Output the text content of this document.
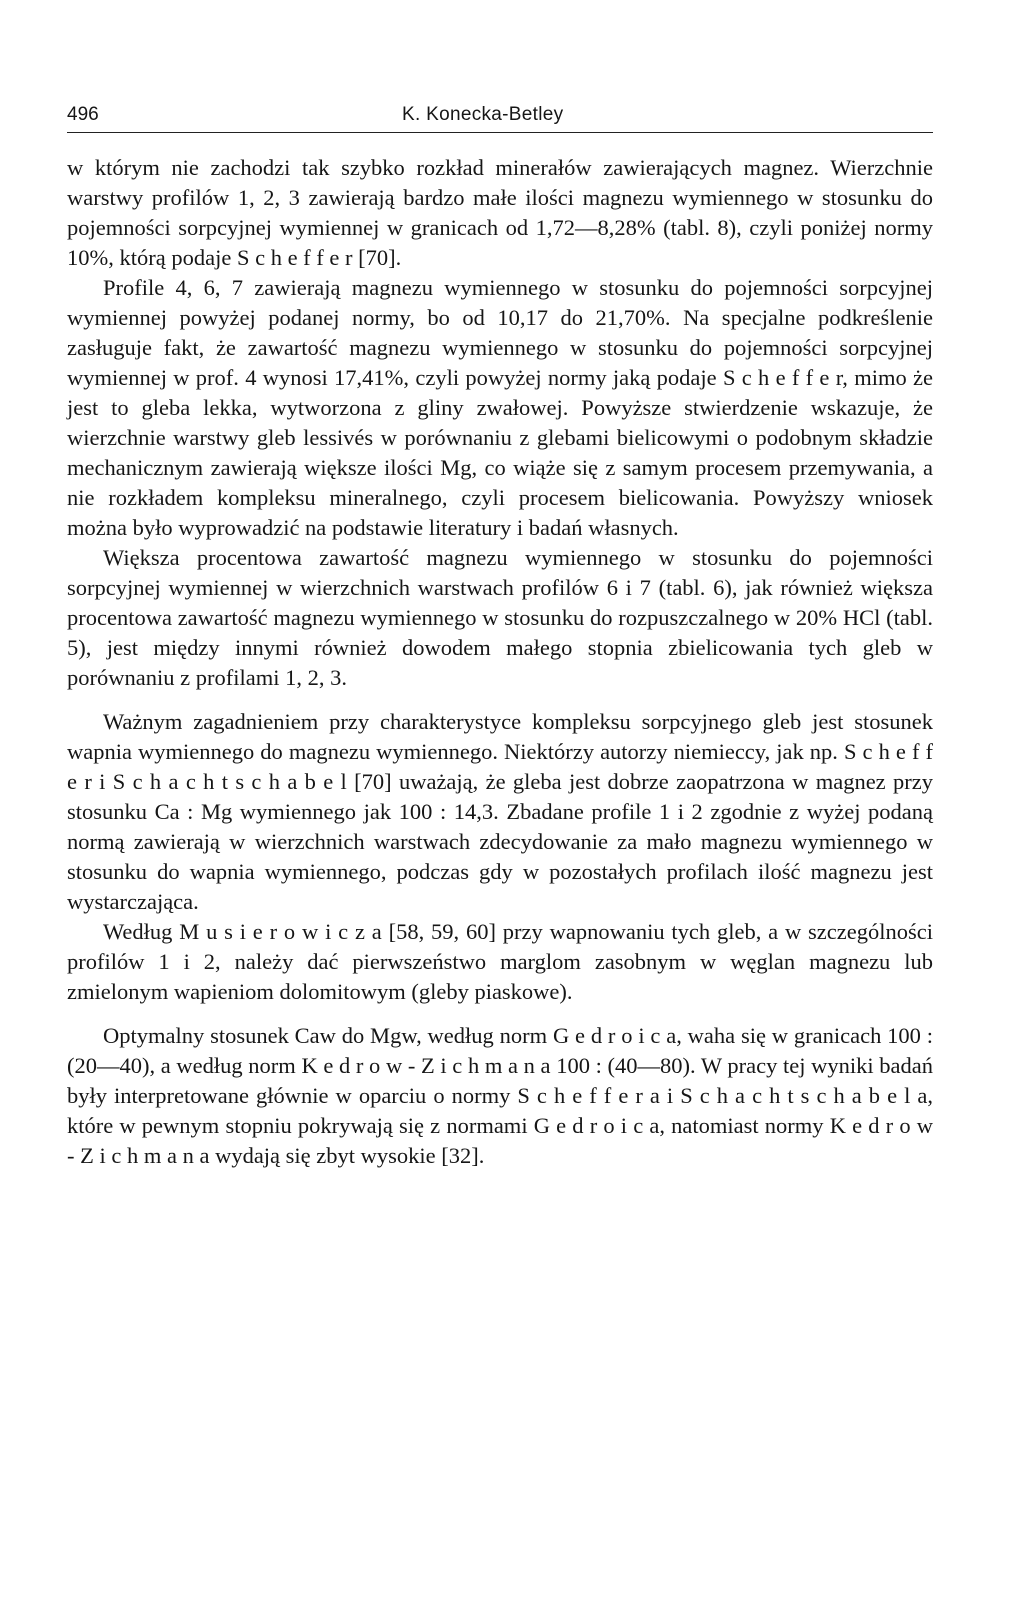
496	K. Konecka-Betley

w którym nie zachodzi tak szybko rozkład minerałów zawierających magnez. Wierzchnie warstwy profilów 1, 2, 3 zawierają bardzo małe ilości magnezu wymiennego w stosunku do pojemności sorpcyjnej wymiennej w granicach od 1,72—8,28% (tabl. 8), czyli poniżej normy 10%, którą podaje S c h e f f e r [70].

Profile 4, 6, 7 zawierają magnezu wymiennego w stosunku do pojemności sorpcyjnej wymiennej powyżej podanej normy, bo od 10,17 do 21,70%. Na specjalne podkreślenie zasługuje fakt, że zawartość magnezu wymiennego w stosunku do pojemności sorpcyjnej wymiennej w prof. 4 wynosi 17,41%, czyli powyżej normy jaką podaje S c h e f f e r, mimo że jest to gleba lekka, wytworzona z gliny zwałowej. Powyższe stwierdzenie wskazuje, że wierzchnie warstwy gleb lessivés w porównaniu z glebami bielicowymi o podobnym składzie mechanicznym zawierają większe ilości Mg, co wiąże się z samym procesem przemywania, a nie rozkładem kompleksu mineralnego, czyli procesem bielicowania. Powyższy wniosek można było wyprowadzić na podstawie literatury i badań własnych.

Większa procentowa zawartość magnezu wymiennego w stosunku do pojemności sorpcyjnej wymiennej w wierzchnich warstwach profilów 6 i 7 (tabl. 6), jak również większa procentowa zawartość magnezu wymiennego w stosunku do rozpuszczalnego w 20% HCl (tabl. 5), jest między innymi również dowodem małego stopnia zbielicowania tych gleb w porównaniu z profilami 1, 2, 3.

Ważnym zagadnieniem przy charakterystyce kompleksu sorpcyjnego gleb jest stosunek wapnia wymiennego do magnezu wymiennego. Niektórzy autorzy niemieccy, jak np. S c h e f f e r i S c h a c h t s c h a b e l [70] uważają, że gleba jest dobrze zaopatrzona w magnez przy stosunku Ca : Mg wymiennego jak 100 : 14,3. Zbadane profile 1 i 2 zgodnie z wyżej podaną normą zawierają w wierzchnich warstwach zdecydowanie za mało magnezu wymiennego w stosunku do wapnia wymiennego, podczas gdy w pozostałych profilach ilość magnezu jest wystarczająca.

Według M u s i e r o w i c z a [58, 59, 60] przy wapnowaniu tych gleb, a w szczególności profilów 1 i 2, należy dać pierwszeństwo marglom zasobnym w węglan magnezu lub zmielonym wapieniom dolomitowym (gleby piaskowe).

Optymalny stosunek Caw do Mgw, według norm G e d r o i c a, waha się w granicach 100 : (20—40), a według norm K e d r o w - Z i c h m a n a 100 : (40—80). W pracy tej wyniki badań były interpretowane głównie w oparciu o normy S c h e f f e r a i S c h a c h t s c h a b e l a, które w pewnym stopniu pokrywają się z normami G e d r o i c a, natomiast normy K e d r o w - Z i c h m a n a wydają się zbyt wysokie [32].
